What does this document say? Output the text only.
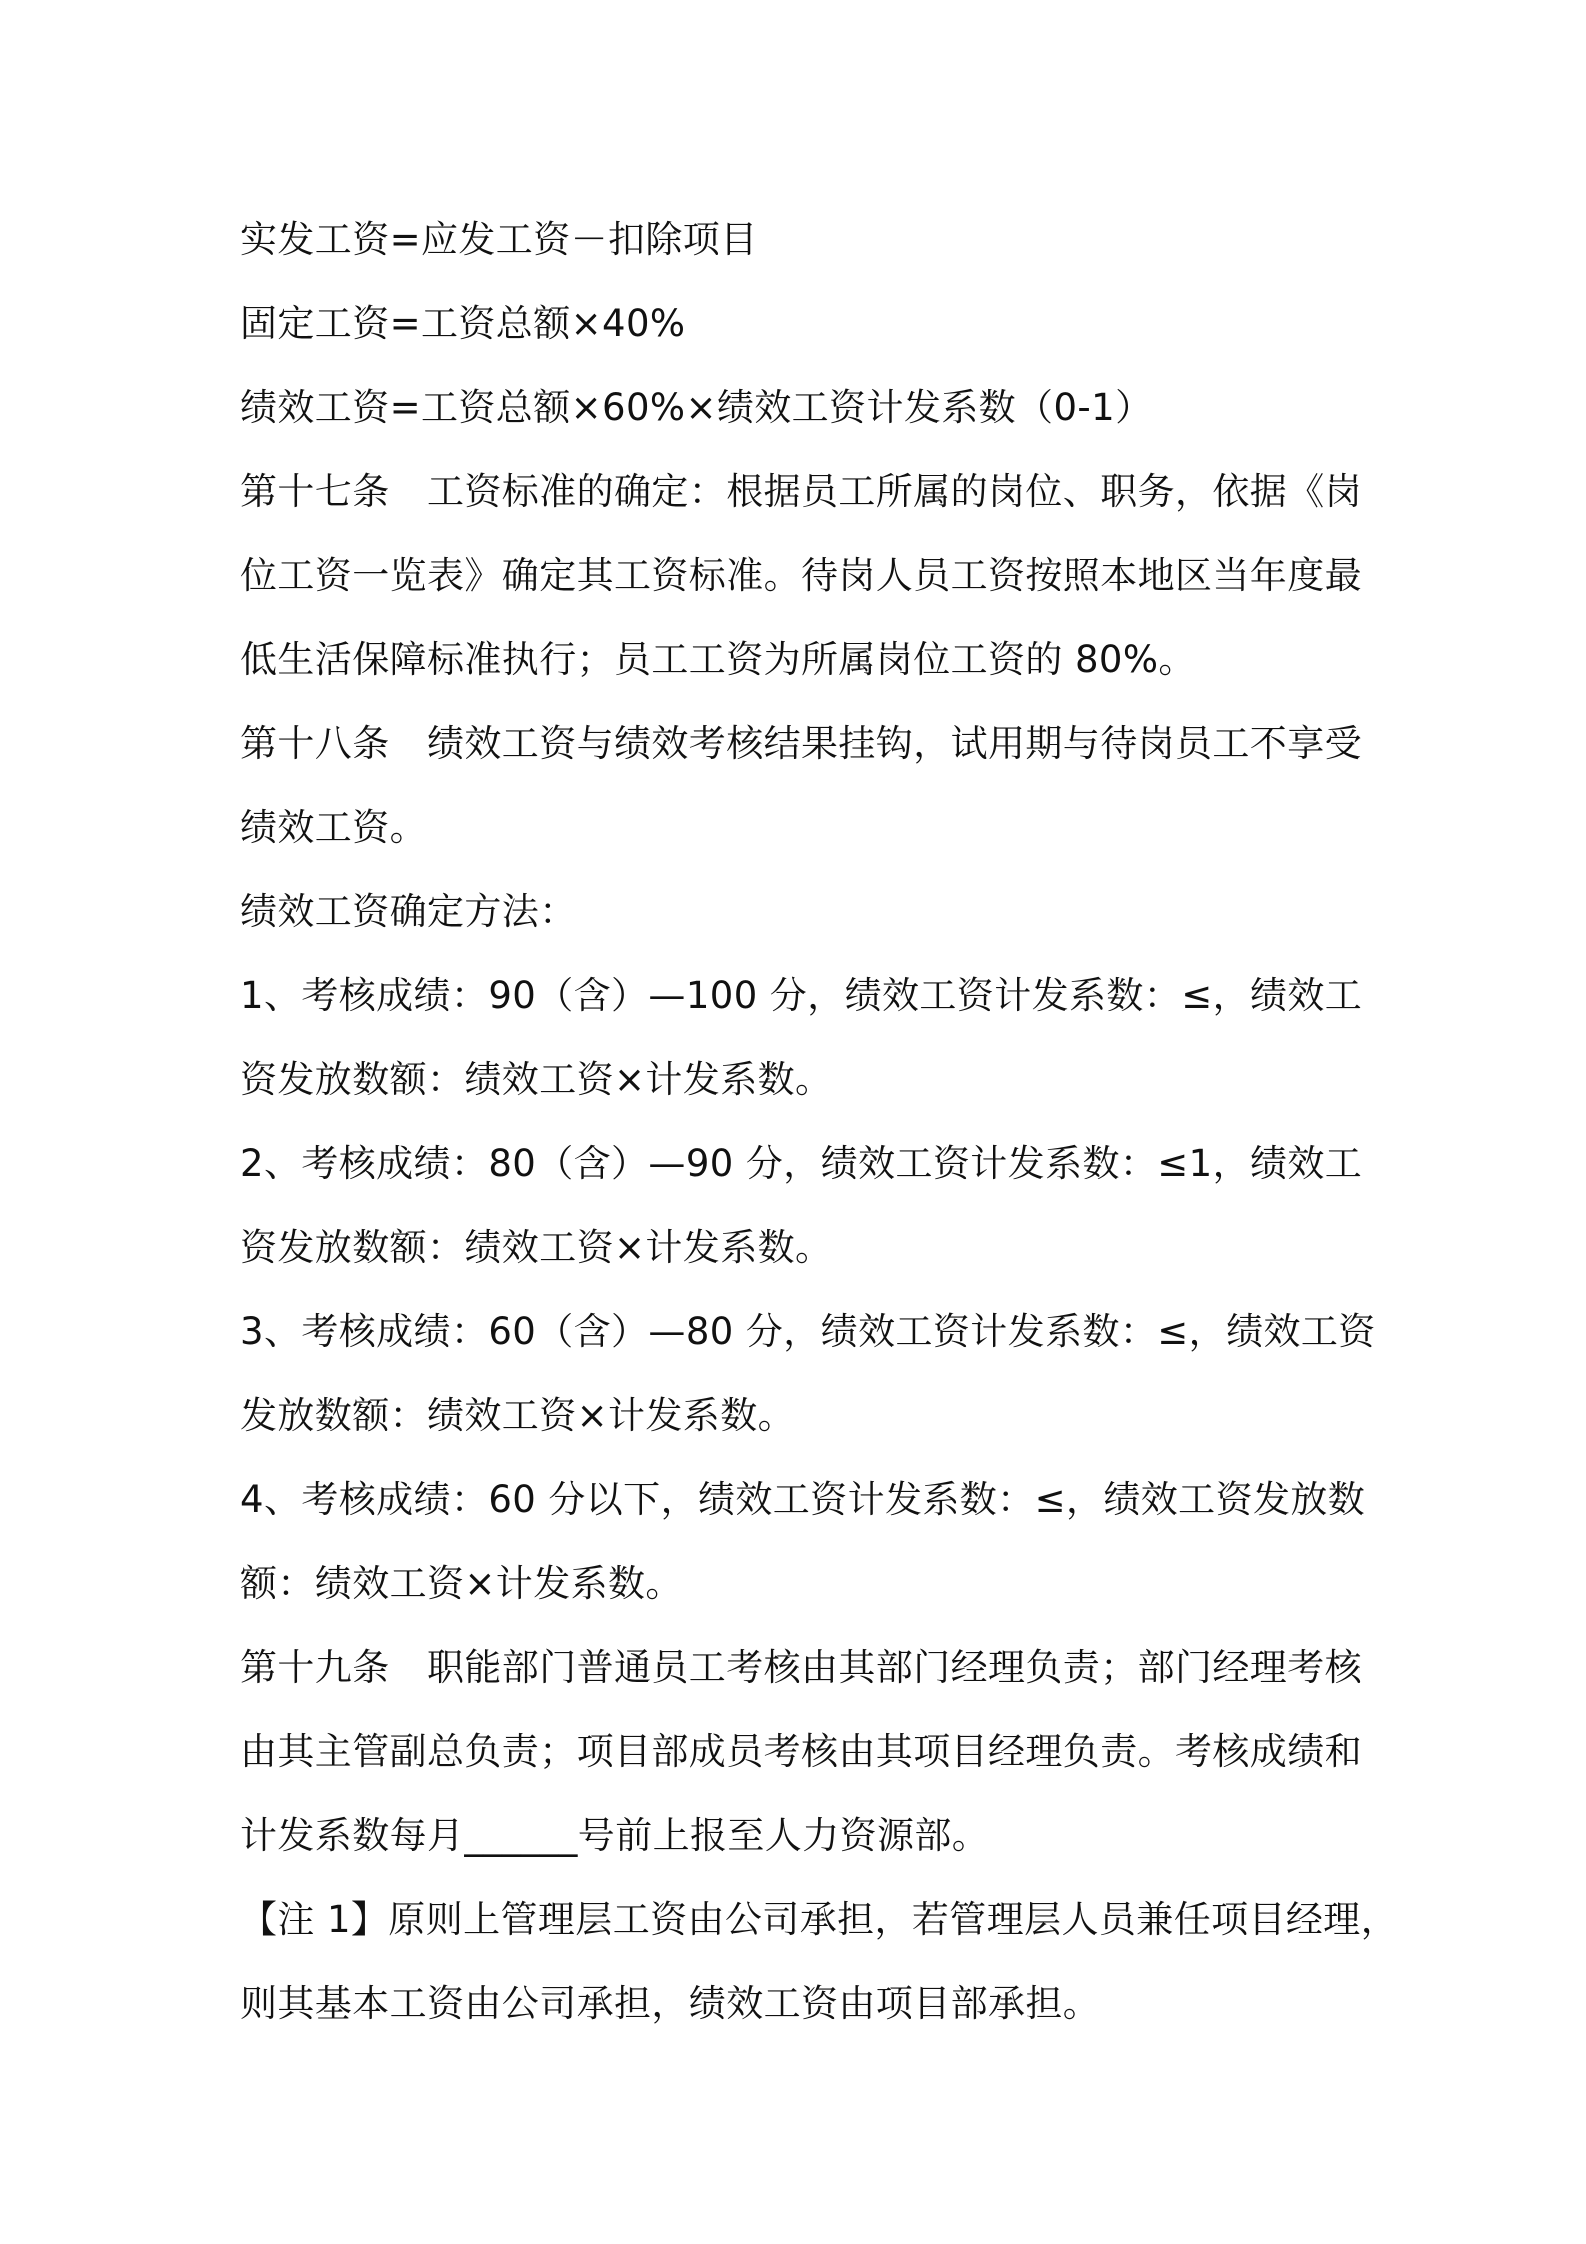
实发工资=应发工资－扣除项目
固定工资=工资总额×40%
绩效工资=工资总额×60%×绩效工资计发系数（0-1）
第十七条　工资标准的确定：根据员工所属的岗位、职务，依据《岗
位工资一览表》确定其工资标准。待岗人员工资按照本地区当年度最
低生活保障标准执行；员工工资为所属岗位工资的 80%。
第十八条　绩效工资与绩效考核结果挂钩，试用期与待岗员工不享受
绩效工资。
绩效工资确定方法：
1、考核成绩：90（含）—100 分，绩效工资计发系数：≤，绩效工
资发放数额：绩效工资×计发系数。
2、考核成绩：80（含）—90 分，绩效工资计发系数：≤1，绩效工
资发放数额：绩效工资×计发系数。
3、考核成绩：60（含）—80 分，绩效工资计发系数：≤，绩效工资
发放数额：绩效工资×计发系数。
4、考核成绩：60 分以下，绩效工资计发系数：≤，绩效工资发放数
额：绩效工资×计发系数。
第十九条　职能部门普通员工考核由其部门经理负责；部门经理考核
由其主管副总负责；项目部成员考核由其项目经理负责。考核成绩和
计发系数每月______号前上报至人力资源部。
【注 1】原则上管理层工资由公司承担，若管理层人员兼任项目经理，
则其基本工资由公司承担，绩效工资由项目部承担。
